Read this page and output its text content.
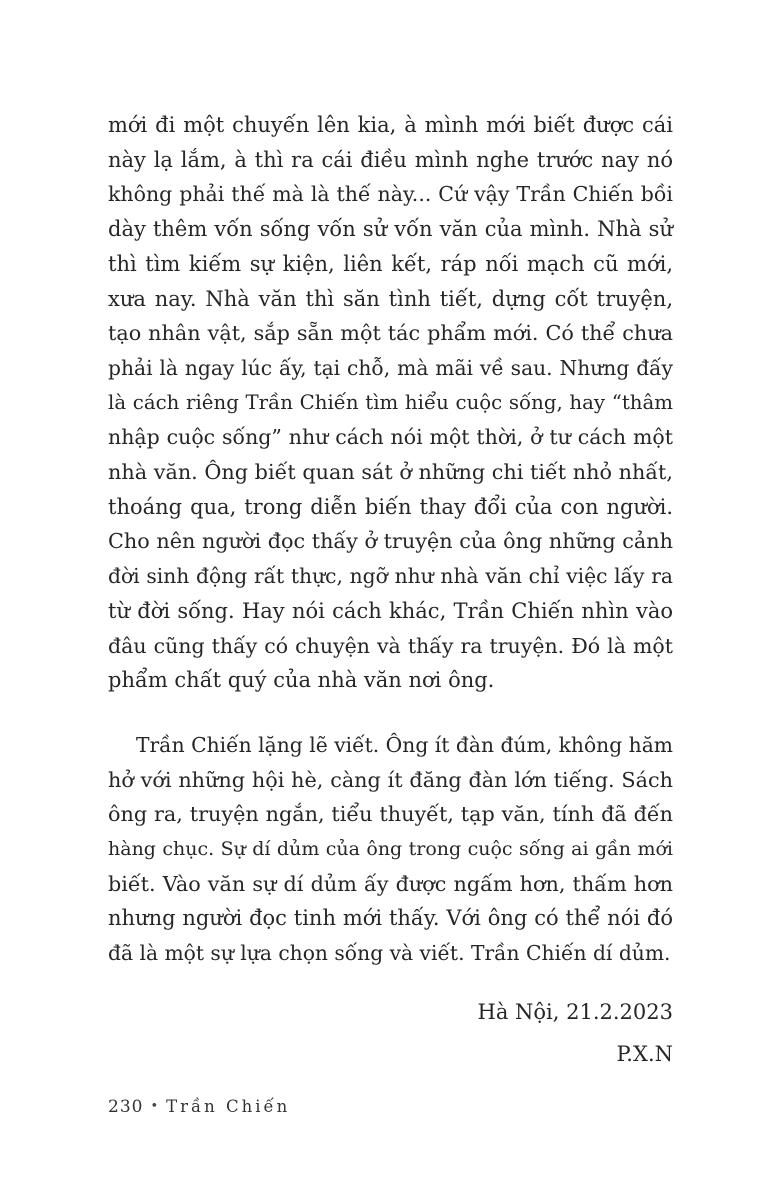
mới đi một chuyến lên kia, à mình mới biết được cái
này lạ lắm, à thì ra cái điều mình nghe trước nay nó
không phải thế mà là thế này... Cứ vậy Trần Chiến bồi
dày thêm vốn sống vốn sử vốn văn của mình. Nhà sử
thì tìm kiếm sự kiện, liên kết, ráp nối mạch cũ mới,
xưa nay. Nhà văn thì săn tình tiết, dựng cốt truyện,
tạo nhân vật, sắp sẵn một tác phẩm mới. Có thể chưa
phải là ngay lúc ấy, tại chỗ, mà mãi về sau. Nhưng đấy
là cách riêng Trần Chiến tìm hiểu cuộc sống, hay “thâm
nhập cuộc sống” như cách nói một thời, ở tư cách một
nhà văn. Ông biết quan sát ở những chi tiết nhỏ nhất,
thoáng qua, trong diễn biến thay đổi của con người.
Cho nên người đọc thấy ở truyện của ông những cảnh
đời sinh động rất thực, ngỡ như nhà văn chỉ việc lấy ra
từ đời sống. Hay nói cách khác, Trần Chiến nhìn vào
đâu cũng thấy có chuyện và thấy ra truyện. Đó là một
phẩm chất quý của nhà văn nơi ông.
Trần Chiến lặng lẽ viết. Ông ít đàn đúm, không hăm
hở với những hội hè, càng ít đăng đàn lớn tiếng. Sách
ông ra, truyện ngắn, tiểu thuyết, tạp văn, tính đã đến
hàng chục. Sự dí dủm của ông trong cuộc sống ai gần mới
biết. Vào văn sự dí dủm ấy được ngấm hơn, thấm hơn
nhưng người đọc tinh mới thấy. Với ông có thể nói đó
đã là một sự lựa chọn sống và viết. Trần Chiến dí dủm.
Hà Nội, 21.2.2023
P.X.N
230 • Trần Chiến
